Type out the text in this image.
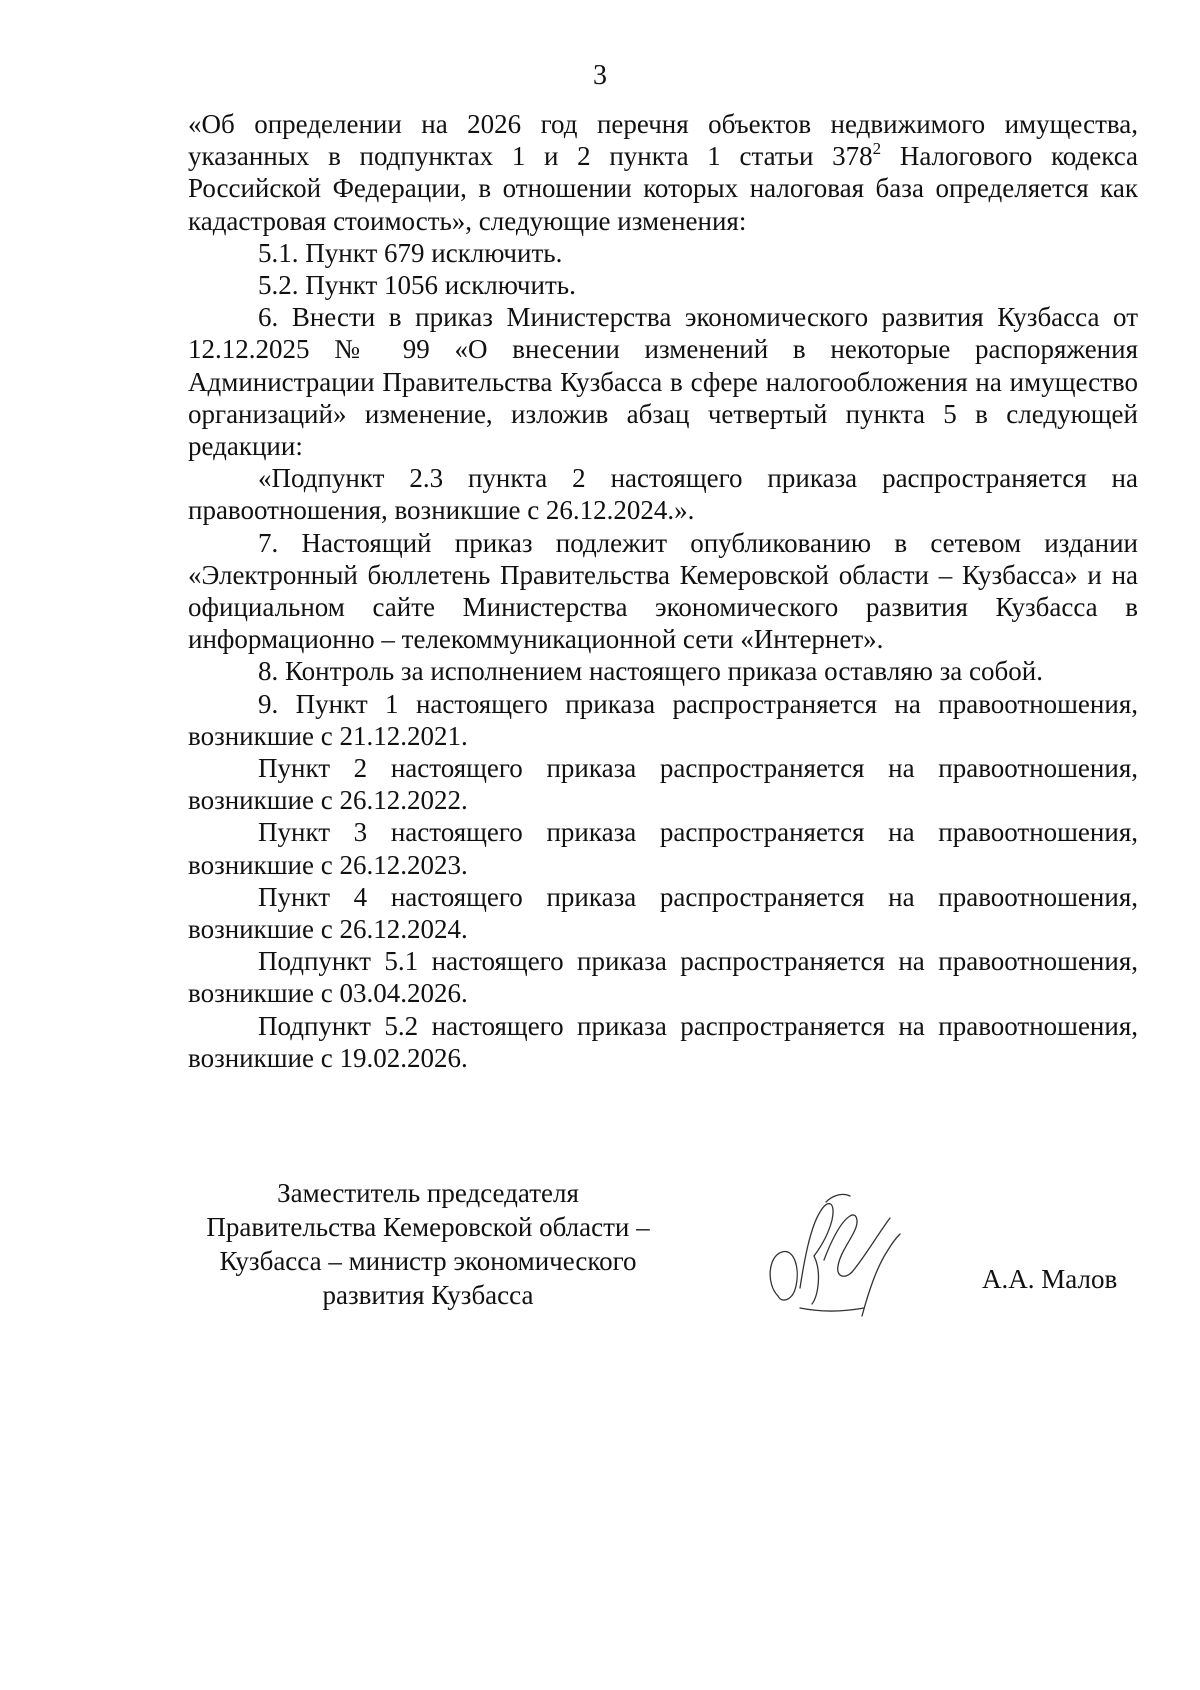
3

«Об определении на 2026 год перечня объектов недвижимого имущества, указанных в подпунктах 1 и 2 пункта 1 статьи $378^2$ Налогового кодекса Российской Федерации, в отношении которых налоговая база определяется как кадастровая стоимость», следующие изменения:

5.1. Пункт 679 исключить.

5.2. Пункт 1056 исключить.

6. Внести в приказ Министерства экономического развития Кузбасса от 12.12.2025 № 99 «О внесении изменений в некоторые распоряжения Администрации Правительства Кузбасса в сфере налогообложения на имущество организаций» изменение, изложив абзац четвертый пункта 5 в следующей редакции:

«Подпункт 2.3 пункта 2 настоящего приказа распространяется на правоотношения, возникшие с 26.12.2024.».

7. Настоящий приказ подлежит опубликованию в сетевом издании «Электронный бюллетень Правительства Кемеровской области – Кузбасса» и на официальном сайте Министерства экономического развития Кузбасса в информационно – телекоммуникационной сети «Интернет».

8. Контроль за исполнением настоящего приказа оставляю за собой.

9. Пункт 1 настоящего приказа распространяется на правоотношения, возникшие с 21.12.2021.

Пункт 2 настоящего приказа распространяется на правоотношения, возникшие с 26.12.2022.

Пункт 3 настоящего приказа распространяется на правоотношения, возникшие с 26.12.2023.

Пункт 4 настоящего приказа распространяется на правоотношения, возникшие с 26.12.2024.

Подпункт 5.1 настоящего приказа распространяется на правоотношения, возникшие с 03.04.2026.

Подпункт 5.2 настоящего приказа распространяется на правоотношения, возникшие с 19.02.2026.

Заместитель председателя
Правительства Кемеровской области –
Кузбасса – министр экономического
развития Кузбасса
А.А. Малов
